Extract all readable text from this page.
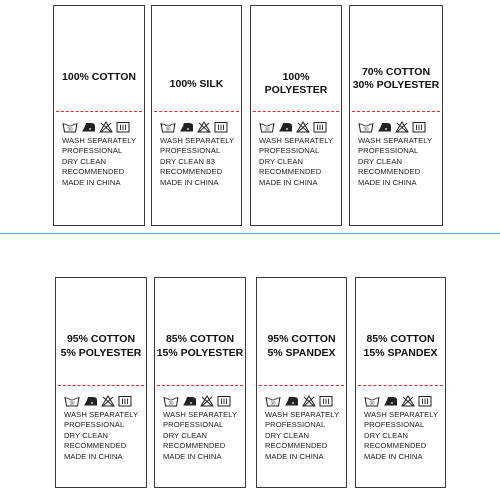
100% COTTON
30
WASH SEPARATELY
PROFESSIONAL
DRY CLEAN
RECOMMENDED
MADE IN CHINA
100% SILK
30
WASH SEPARATELY
PROFESSIONAL
DRY CLEAN 83
RECOMMENDED
MADE IN CHINA
100% POLYESTER
30
WASH SEPARATELY
PROFESSIONAL
DRY CLEAN
RECOMMENDED
MADE IN CHINA
70% COTTON
30% POLYESTER
30
WASH SEPARATELY
PROFESSIONAL
DRY CLEAN
RECOMMENDED
MADE IN CHINA
95% COTTON
5% POLYESTER
30
WASH SEPARATELY
PROFESSIONAL
DRY CLEAN
RECOMMENDED
MADE IN CHINA
85% COTTON
15% POLYESTER
30
WASH SEPARATELY
PROFESSIONAL
DRY CLEAN
RECOMMENDED
MADE IN CHINA
95% COTTON
5% SPANDEX
30
WASH SEPARATELY
PROFESSIONAL
DRY CLEAN
RECOMMENDED
MADE IN CHINA
85% COTTON
15% SPANDEX
30
WASH SEPARATELY
PROFESSIONAL
DRY CLEAN
RECOMMENDED
MADE IN CHINA
